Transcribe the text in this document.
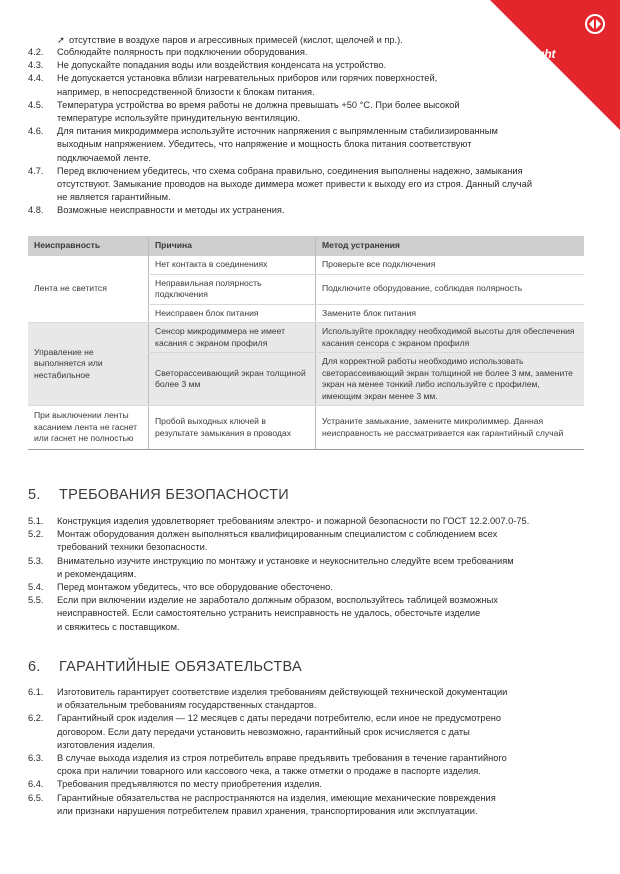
arlight
➚ отсутствие в воздухе паров и агрессивных примесей (кислот, щелочей и пр.).
4.2.	Соблюдайте полярность при подключении оборудования.
4.3.	Не допускайте попадания воды или воздействия конденсата на устройство.
4.4.	Не допускается установка вблизи нагревательных приборов или горячих поверхностей,
например, в непосредственной близости к блокам питания.
4.5.	Температура устройства во время работы не должна превышать +50 °C. При более высокой
температуре используйте принудительную вентиляцию.
4.6.	Для питания микродиммера используйте источник напряжения с выпрямленным стабилизированным
выходным напряжением. Убедитесь, что напряжение и мощность блока питания соответствуют
подключаемой ленте.
4.7.	Перед включением убедитесь, что схема собрана правильно, соединения выполнены надежно, замыкания
отсутствуют. Замыкание проводов на выходе диммера может привести к выходу его из строя. Данный случай
не является гарантийным.
4.8.	Возможные неисправности и методы их устранения.
Неисправность	Причина	Метод устранения
Лента не светится	Нет контакта в соединениях	Проверьте все подключения
	Неправильная полярность подключения	Подключите оборудование, соблюдая полярность
	Неисправен блок питания	Замените блок питания
Управление не выполняется или нестабильное	Сенсор микродиммера не имеет касания с экраном профиля	Используйте прокладку необходимой высоты для обеспечения касания сенсора с экраном профиля
	Светорассеивающий экран толщиной более 3 мм	Для корректной работы необходимо использовать светорассеивающий экран толщиной не более 3 мм, замените экран на менее тонкий либо используйте с профилем, имеющим экран менее 3 мм.
При выключении ленты касанием лента не гаснет или гаснет не полностью	Пробой выходных ключей в результате замыкания в проводах	Устраните замыкание, замените микролиммер. Данная неисправность не рассматривается как гарантийный случай
5. ТРЕБОВАНИЯ БЕЗОПАСНОСТИ
5.1.	Конструкция изделия удовлетворяет требованиям электро- и пожарной безопасности по ГОСТ 12.2.007.0-75.
5.2.	Монтаж оборудования должен выполняться квалифицированным специалистом с соблюдением всех
требований техники безопасности.
5.3.	Внимательно изучите инструкцию по монтажу и установке и неукоснительно следуйте всем требованиям
и рекомендациям.
5.4.	Перед монтажом убедитесь, что все оборудование обесточено.
5.5.	Если при включении изделие не заработало должным образом, воспользуйтесь таблицей возможных
неисправностей. Если самостоятельно устранить неисправность не удалось, обесточьте изделие
и свяжитесь с поставщиком.
6. ГАРАНТИЙНЫЕ ОБЯЗАТЕЛЬСТВА
6.1.	Изготовитель гарантирует соответствие изделия требованиям действующей технической документации
и обязательным требованиям государственных стандартов.
6.2.	Гарантийный срок изделия — 12 месяцев с даты передачи потребителю, если иное не предусмотрено
договором. Если дату передачи установить невозможно, гарантийный срок исчисляется с даты
изготовления изделия.
6.3.	В случае выхода изделия из строя потребитель вправе предъявить требования в течение гарантийного
срока при наличии товарного или кассового чека, а также отметки о продаже в паспорте изделия.
6.4.	Требования предъявляются по месту приобретения изделия.
6.5.	Гарантийные обязательства не распространяются на изделия, имеющие механические повреждения
или признаки нарушения потребителем правил хранения, транспортирования или эксплуатации.
